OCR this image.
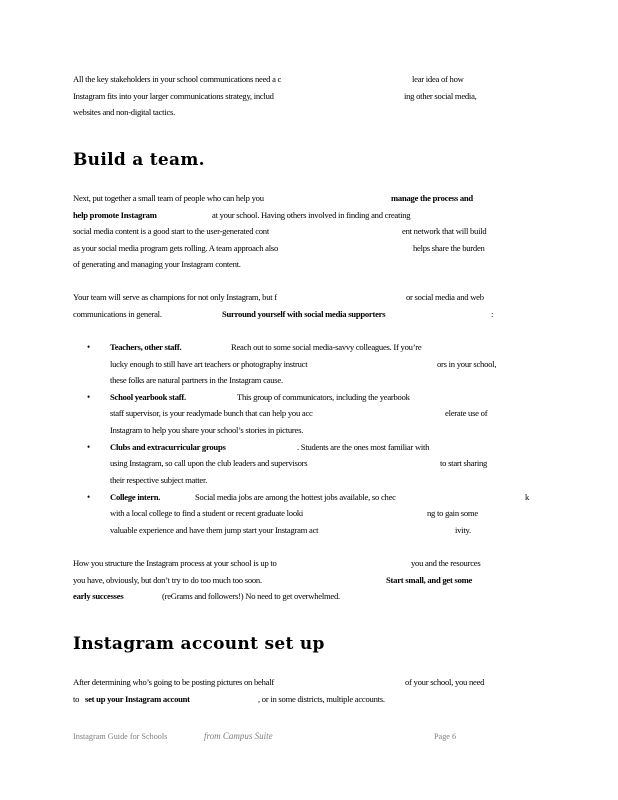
All the key stakeholders in your school communications need a c	lear idea of how
Instagram fits into your larger communications strategy, includ	ing other social media,
websites and non-digital tactics.
Build a team.
Next, put together a small team of people who can help you	manage the process and
help promote Instagram	at your school. Having others involved in finding and creating
social media content is a good start to the user-generated cont	ent network that will build
as your social media program gets rolling. A team approach also	helps share the burden
of generating and managing your Instagram content.
Your team will serve as champions for not only Instagram, but f	or social media and web
communications in general.	Surround yourself with social media supporters	:
• Teachers, other staff.	Reach out to some social media-savvy colleagues. If you’re
lucky enough to still have art teachers or photography instruct	ors in your school,
these folks are natural partners in the Instagram cause.
• School yearbook staff.	This group of communicators, including the yearbook
staff supervisor, is your readymade bunch that can help you acc	elerate use of
Instagram to help you share your school’s stories in pictures.
• Clubs and extracurricular groups	. Students are the ones most familiar with
using Instagram, so call upon the club leaders and supervisors	to start sharing
their respective subject matter.
• College intern.	Social media jobs are among the hottest jobs available, so chec	k
with a local college to find a student or recent graduate looki	ng to gain some
valuable experience and have them jump start your Instagram act	ivity.
How you structure the Instagram process at your school is up to	you and the resources
you have, obviously, but don’t try to do too much too soon.	Start small, and get some
early successes	(reGrams and followers!) No need to get overwhelmed.
Instagram account set up
After determining who’s going to be posting pictures on behalf	of your school, you need
to set up your Instagram account	, or in some districts, multiple accounts.
Instagram Guide for Schools	from Campus Suite	Page 6
